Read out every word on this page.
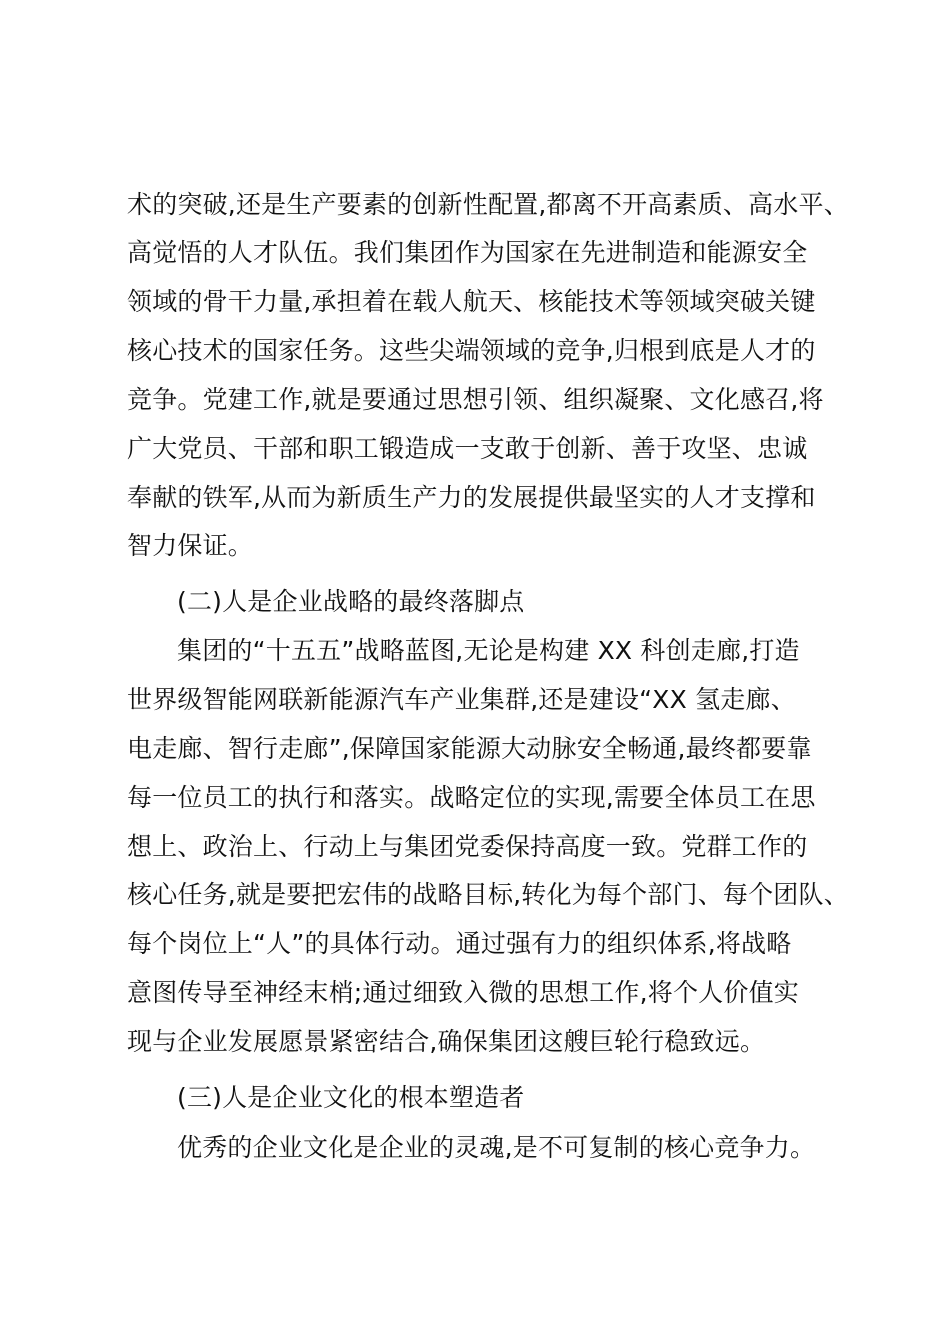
术的突破,还是生产要素的创新性配置,都离不开高素质、高水平、
高觉悟的人才队伍。我们集团作为国家在先进制造和能源安全
领域的骨干力量,承担着在载人航天、核能技术等领域突破关键
核心技术的国家任务。这些尖端领域的竞争,归根到底是人才的
竞争。党建工作,就是要通过思想引领、组织凝聚、文化感召,将
广大党员、干部和职工锻造成一支敢于创新、善于攻坚、忠诚
奉献的铁军,从而为新质生产力的发展提供最坚实的人才支撑和
智力保证。
(二)人是企业战略的最终落脚点
集团的“十五五”战略蓝图,无论是构建 XX 科创走廊,打造
世界级智能网联新能源汽车产业集群,还是建设“XX 氢走廊、
电走廊、智行走廊”,保障国家能源大动脉安全畅通,最终都要靠
每一位员工的执行和落实。战略定位的实现,需要全体员工在思
想上、政治上、行动上与集团党委保持高度一致。党群工作的
核心任务,就是要把宏伟的战略目标,转化为每个部门、每个团队、
每个岗位上“人”的具体行动。通过强有力的组织体系,将战略
意图传导至神经末梢;通过细致入微的思想工作,将个人价值实
现与企业发展愿景紧密结合,确保集团这艘巨轮行稳致远。
(三)人是企业文化的根本塑造者
优秀的企业文化是企业的灵魂,是不可复制的核心竞争力。
